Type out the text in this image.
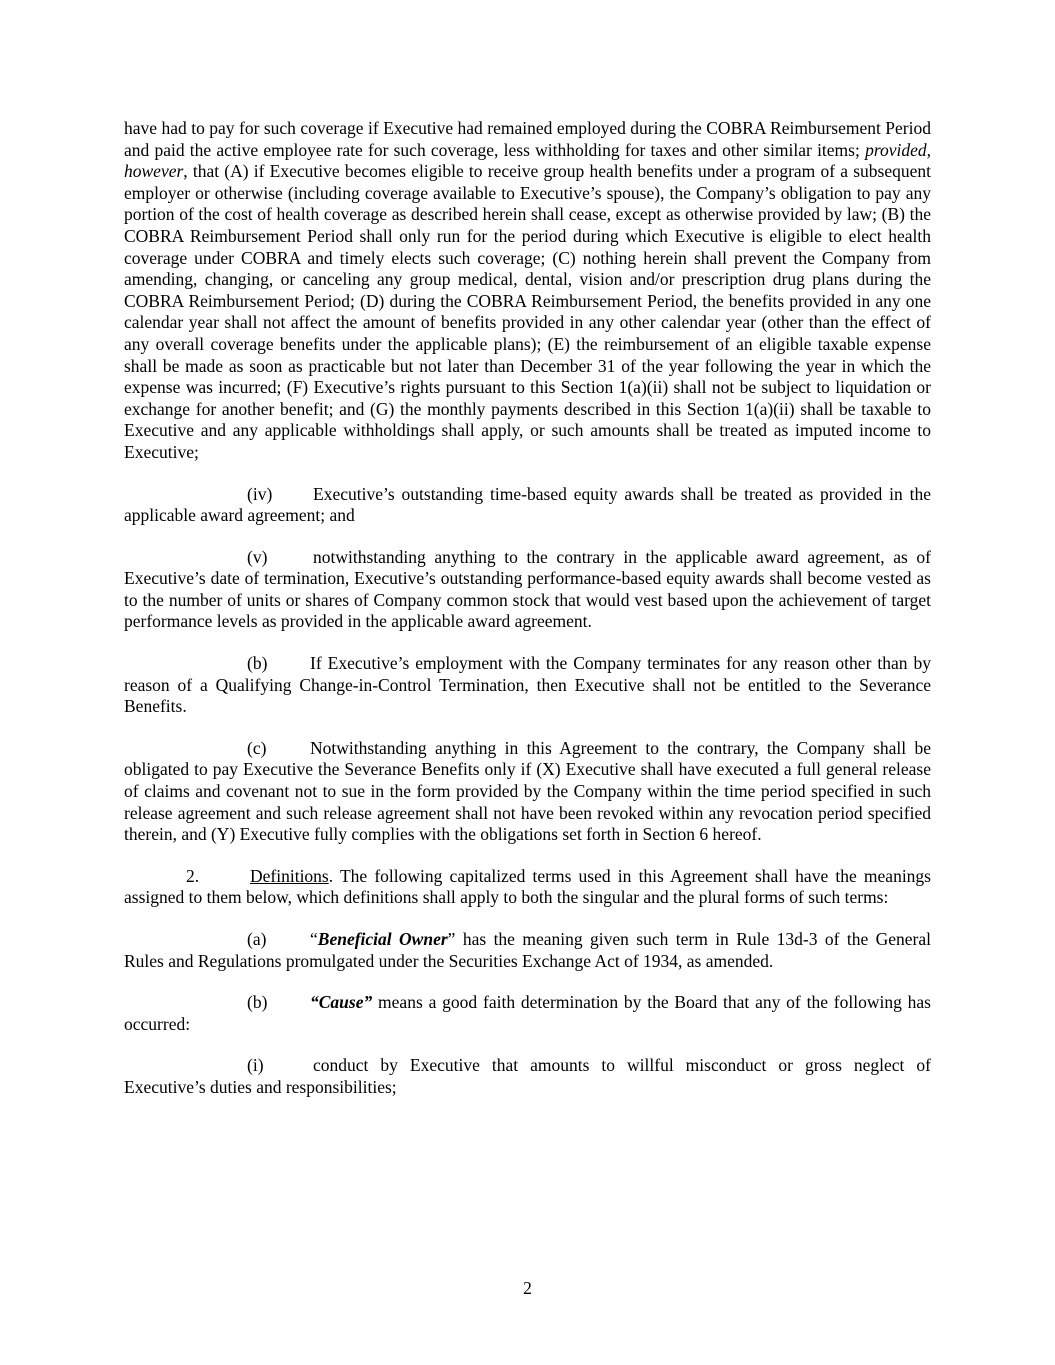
have had to pay for such coverage if Executive had remained employed during the COBRA Reimbursement Period and paid the active employee rate for such coverage, less withholding for taxes and other similar items; provided, however, that (A) if Executive becomes eligible to receive group health benefits under a program of a subsequent employer or otherwise (including coverage available to Executive’s spouse), the Company’s obligation to pay any portion of the cost of health coverage as described herein shall cease, except as otherwise provided by law; (B) the COBRA Reimbursement Period shall only run for the period during which Executive is eligible to elect health coverage under COBRA and timely elects such coverage; (C) nothing herein shall prevent the Company from amending, changing, or canceling any group medical, dental, vision and/or prescription drug plans during the COBRA Reimbursement Period; (D) during the COBRA Reimbursement Period, the benefits provided in any one calendar year shall not affect the amount of benefits provided in any other calendar year (other than the effect of any overall coverage benefits under the applicable plans); (E) the reimbursement of an eligible taxable expense shall be made as soon as practicable but not later than December 31 of the year following the year in which the expense was incurred; (F) Executive’s rights pursuant to this Section 1(a)(ii) shall not be subject to liquidation or exchange for another benefit; and (G) the monthly payments described in this Section 1(a)(ii) shall be taxable to Executive and any applicable withholdings shall apply, or such amounts shall be treated as imputed income to Executive;

(iv) Executive’s outstanding time-based equity awards shall be treated as provided in the applicable award agreement; and

(v)	notwithstanding anything to the contrary in the applicable award agreement, as of Executive’s date of termination, Executive’s outstanding performance-based equity awards shall become vested as to the number of units or shares of Company common stock that would vest based upon the achievement of target performance levels as provided in the applicable award agreement.

(b) If Executive’s employment with the Company terminates for any reason other than by reason of a Qualifying Change-in-Control Termination, then Executive shall not be entitled to the Severance Benefits.

(c) Notwithstanding anything in this Agreement to the contrary, the Company shall be obligated to pay Executive the Severance Benefits only if (X) Executive shall have executed a full general release of claims and covenant not to sue in the form provided by the Company within the time period specified in such release agreement and such release agreement shall not have been revoked within any revocation period specified therein, and (Y) Executive fully complies with the obligations set forth in Section 6 hereof.

2.	Definitions. The following capitalized terms used in this Agreement shall have the meanings assigned to them below, which definitions shall apply to both the singular and the plural forms of such terms:

(a) “Beneficial Owner” has the meaning given such term in Rule 13d-3 of the General Rules and Regulations promulgated under the Securities Exchange Act of 1934, as amended.

(b) “Cause” means a good faith determination by the Board that any of the following has occurred:

(i)	conduct by Executive that amounts to willful misconduct or gross neglect of Executive’s duties and responsibilities;

2
